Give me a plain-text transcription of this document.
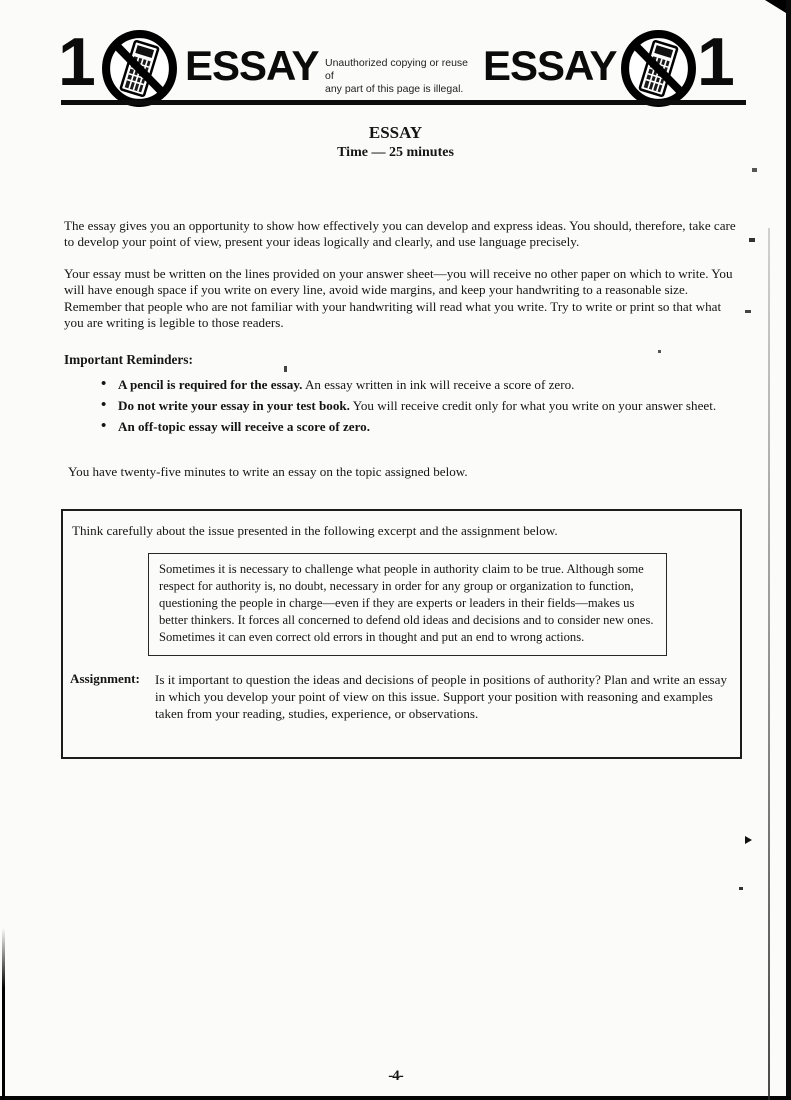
1 ESSAY Unauthorized copying or reuse of
any part of this page is illegal. ESSAY 1
ESSAY
Time — 25 minutes
The essay gives you an opportunity to show how effectively you can develop and express ideas. You should, therefore, take care to develop your point of view, present your ideas logically and clearly, and use language precisely.
Your essay must be written on the lines provided on your answer sheet—you will receive no other paper on which to write. You will have enough space if you write on every line, avoid wide margins, and keep your handwriting to a reasonable size. Remember that people who are not familiar with your handwriting will read what you write. Try to write or print so that what you are writing is legible to those readers.
Important Reminders:
• A pencil is required for the essay. An essay written in ink will receive a score of zero.
• Do not write your essay in your test book. You will receive credit only for what you write on your answer sheet.
• An off-topic essay will receive a score of zero.
You have twenty-five minutes to write an essay on the topic assigned below.
Think carefully about the issue presented in the following excerpt and the assignment below.
Sometimes it is necessary to challenge what people in authority claim to be true. Although some respect for authority is, no doubt, necessary in order for any group or organization to function, questioning the people in charge—even if they are experts or leaders in their fields—makes us better thinkers. It forces all concerned to defend old ideas and decisions and to consider new ones. Sometimes it can even correct old errors in thought and put an end to wrong actions.
Assignment: Is it important to question the ideas and decisions of people in positions of authority? Plan and write an essay in which you develop your point of view on this issue. Support your position with reasoning and examples taken from your reading, studies, experience, or observations.
-4-
